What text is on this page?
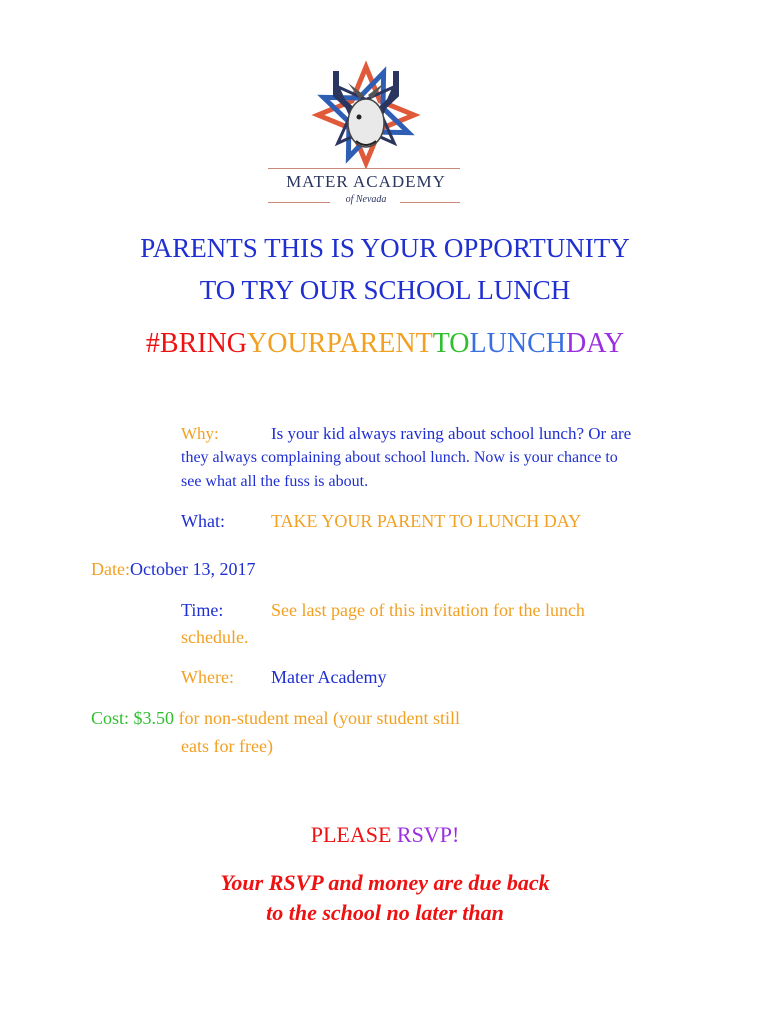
MATER ACADEMY
of Nevada
PARENTS THIS IS YOUR OPPORTUNITY
TO TRY OUR SCHOOL LUNCH
#BRINGYOURPARENTTOLUNCHDAY
Why:	Is your kid always raving about school lunch? Or are
they always complaining about school lunch. Now is your chance to
see what all the fuss is about.
What:	TAKE YOUR PARENT TO LUNCH DAY
Date:October 13, 2017
Time:	See last page of this invitation for the lunch
schedule.
Where: Mater Academy
Cost: $3.50 for non-student meal (your student still
eats for free)
PLEASE RSVP!
Your RSVP and money are due back
to the school no later than
